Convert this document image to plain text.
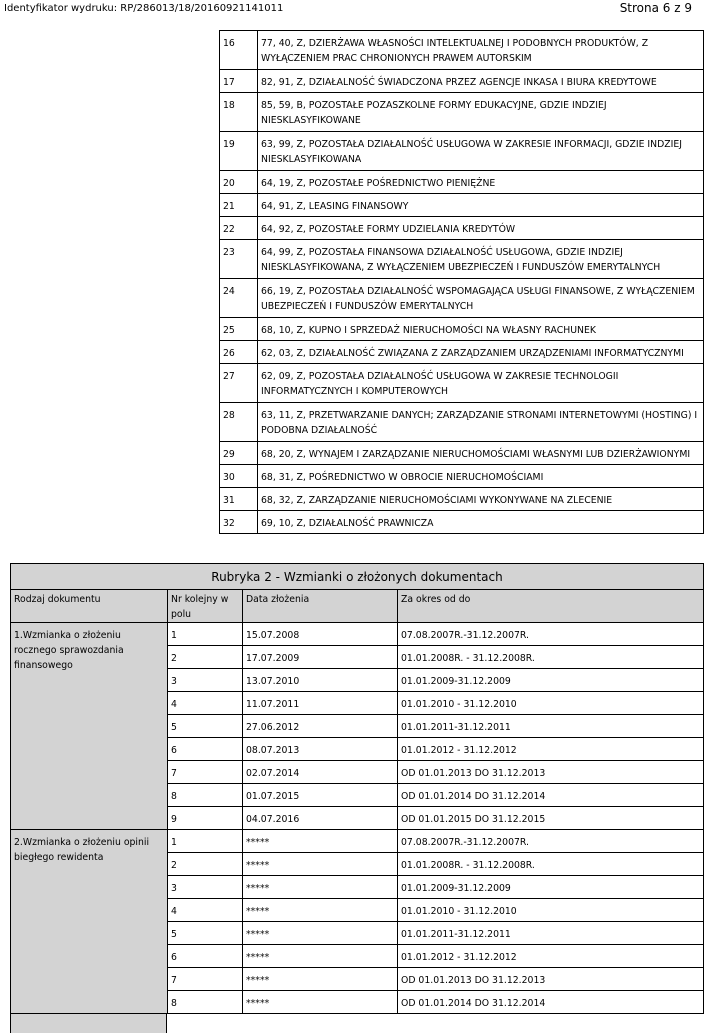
Identyfikator wydruku: RP/286013/18/20160921141011	Strona 6 z 9
16	77, 40, Z, DZIERŻAWA WŁASNOŚCI INTELEKTUALNEJ I PODOBNYCH PRODUKTÓW, Z WYŁĄCZENIEM PRAC CHRONIONYCH PRAWEM AUTORSKIM
17	82, 91, Z, DZIAŁALNOŚĆ ŚWIADCZONA PRZEZ AGENCJE INKASA I BIURA KREDYTOWE
18	85, 59, B, POZOSTAŁE POZASZKOLNE FORMY EDUKACYJNE, GDZIE INDZIEJ NIESKLASYFIKOWANE
19	63, 99, Z, POZOSTAŁA DZIAŁALNOŚĆ USŁUGOWA W ZAKRESIE INFORMACJI, GDZIE INDZIEJ NIESKLASYFIKOWANA
20	64, 19, Z, POZOSTAŁE POŚREDNICTWO PIENIĘŻNE
21	64, 91, Z, LEASING FINANSOWY
22	64, 92, Z, POZOSTAŁE FORMY UDZIELANIA KREDYTÓW
23	64, 99, Z, POZOSTAŁA FINANSOWA DZIAŁALNOŚĆ USŁUGOWA, GDZIE INDZIEJ NIESKLASYFIKOWANA, Z WYŁĄCZENIEM UBEZPIECZEŃ I FUNDUSZÓW EMERYTALNYCH
24	66, 19, Z, POZOSTAŁA DZIAŁALNOŚĆ WSPOMAGAJĄCA USŁUGI FINANSOWE, Z WYŁĄCZENIEM UBEZPIECZEŃ I FUNDUSZÓW EMERYTALNYCH
25	68, 10, Z, KUPNO I SPRZEDAŻ NIERUCHOMOŚCI NA WŁASNY RACHUNEK
26	62, 03, Z, DZIAŁALNOŚĆ ZWIĄZANA Z ZARZĄDZANIEM URZĄDZENIAMI INFORMATYCZNYMI
27	62, 09, Z, POZOSTAŁA DZIAŁALNOŚĆ USŁUGOWA W ZAKRESIE TECHNOLOGII INFORMATYCZNYCH I KOMPUTEROWYCH
28	63, 11, Z, PRZETWARZANIE DANYCH; ZARZĄDZANIE STRONAMI INTERNETOWYMI (HOSTING) I PODOBNA DZIAŁALNOŚĆ
29	68, 20, Z, WYNAJEM I ZARZĄDZANIE NIERUCHOMOŚCIAMI WŁASNYMI LUB DZIERŻAWIONYMI
30	68, 31, Z, POŚREDNICTWO W OBROCIE NIERUCHOMOŚCIAMI
31	68, 32, Z, ZARZĄDZANIE NIERUCHOMOŚCIAMI WYKONYWANE NA ZLECENIE
32	69, 10, Z, DZIAŁALNOŚĆ PRAWNICZA
Rubryka 2 - Wzmianki o złożonych dokumentach			
Rodzaj dokumentu	Nr kolejny w polu	Data złożenia	Za okres od do
1.Wzmianka o złożeniu rocznego sprawozdania finansowego	1	15.07.2008	07.08.2007R.-31.12.2007R.
	2	17.07.2009	01.01.2008R. - 31.12.2008R.
	3	13.07.2010	01.01.2009-31.12.2009
	4	11.07.2011	01.01.2010 - 31.12.2010
	5	27.06.2012	01.01.2011-31.12.2011
	6	08.07.2013	01.01.2012 - 31.12.2012
	7	02.07.2014	OD 01.01.2013 DO 31.12.2013
	8	01.07.2015	OD 01.01.2014 DO 31.12.2014
	9	04.07.2016	OD 01.01.2015 DO 31.12.2015
2.Wzmianka o złożeniu opinii biegłego rewidenta	1	*****	07.08.2007R.-31.12.2007R.
	2	*****	01.01.2008R. - 31.12.2008R.
	3	*****	01.01.2009-31.12.2009
	4	*****	01.01.2010 - 31.12.2010
	5	*****	01.01.2011-31.12.2011
	6	*****	01.01.2012 - 31.12.2012
	7	*****	OD 01.01.2013 DO 31.12.2013
	8	*****	OD 01.01.2014 DO 31.12.2014
